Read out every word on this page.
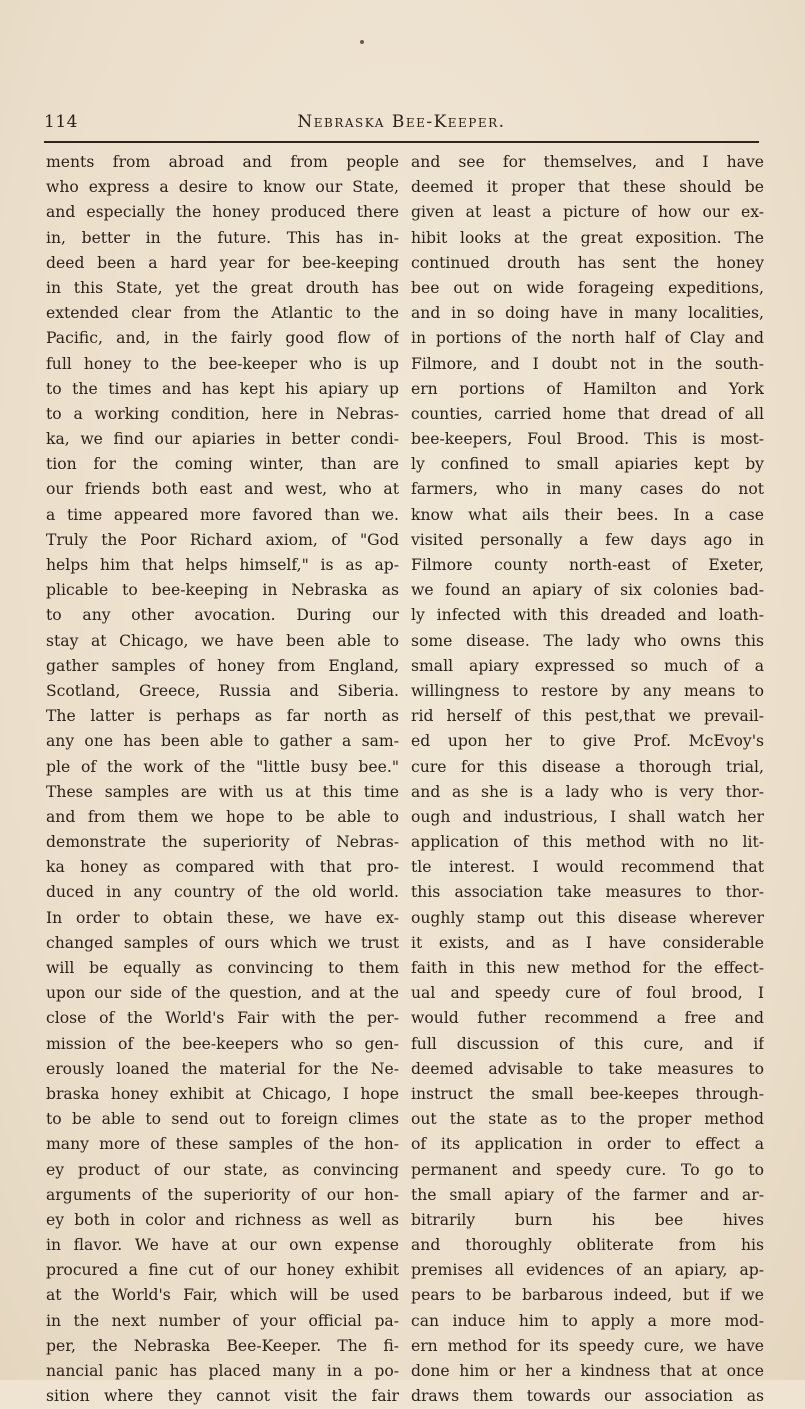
114	Nebraska Bee-Keeper.
ments from abroad and from people
who express a desire to know our State,
and especially the honey produced there
in, better in the future. This has in-
deed been a hard year for bee-keeping
in this State, yet the great drouth has
extended clear from the Atlantic to the
Pacific, and, in the fairly good flow of
full honey to the bee-keeper who is up
to the times and has kept his apiary up
to a working condition, here in Nebras-
ka, we find our apiaries in better condi-
tion for the coming winter, than are
our friends both east and west, who at
a time appeared more favored than we.
Truly the Poor Richard axiom, of "God
helps him that helps himself," is as ap-
plicable to bee-keeping in Nebraska as
to any other avocation. During our
stay at Chicago, we have been able to
gather samples of honey from England,
Scotland, Greece, Russia and Siberia.
The latter is perhaps as far north as
any one has been able to gather a sam-
ple of the work of the "little busy bee."
These samples are with us at this time
and from them we hope to be able to
demonstrate the superiority of Nebras-
ka honey as compared with that pro-
duced in any country of the old world.
In order to obtain these, we have ex-
changed samples of ours which we trust
will be equally as convincing to them
upon our side of the question, and at the
close of the World's Fair with the per-
mission of the bee-keepers who so gen-
erously loaned the material for the Ne-
braska honey exhibit at Chicago, I hope
to be able to send out to foreign climes
many more of these samples of the hon-
ey product of our state, as convincing
arguments of the superiority of our hon-
ey both in color and richness as well as
in flavor. We have at our own expense
procured a fine cut of our honey exhibit
at the World's Fair, which will be used
in the next number of your official pa-
per, the Nebraska Bee-Keeper. The fi-
nancial panic has placed many in a po-
sition where they cannot visit the fair
and see for themselves, and I have
deemed it proper that these should be
given at least a picture of how our ex-
hibit looks at the great exposition. The
continued drouth has sent the honey
bee out on wide forageing expeditions,
and in so doing have in many localities,
in portions of the north half of Clay and
Filmore, and I doubt not in the south-
ern portions of Hamilton and York
counties, carried home that dread of all
bee-keepers, Foul Brood. This is most-
ly confined to small apiaries kept by
farmers, who in many cases do not
know what ails their bees. In a case
visited personally a few days ago in
Filmore county north-east of Exeter,
we found an apiary of six colonies bad-
ly infected with this dreaded and loath-
some disease. The lady who owns this
small apiary expressed so much of a
willingness to restore by any means to
rid herself of this pest,that we prevail-
ed upon her to give Prof. McEvoy's
cure for this disease a thorough trial,
and as she is a lady who is very thor-
ough and industrious, I shall watch her
application of this method with no lit-
tle interest. I would recommend that
this association take measures to thor-
oughly stamp out this disease wherever
it exists, and as I have considerable
faith in this new method for the effect-
ual and speedy cure of foul brood, I
would futher recommend a free and
full discussion of this cure, and if
deemed advisable to take measures to
instruct the small bee-keepes through-
out the state as to the proper method
of its application in order to effect a
permanent and speedy cure. To go to
the small apiary of the farmer and ar-
bitrarily burn his bee hives
and thoroughly obliterate from his
premises all evidences of an apiary, ap-
pears to be barbarous indeed, but if we
can induce him to apply a more mod-
ern method for its speedy cure, we have
done him or her a kindness that at once
draws them towards our association as
